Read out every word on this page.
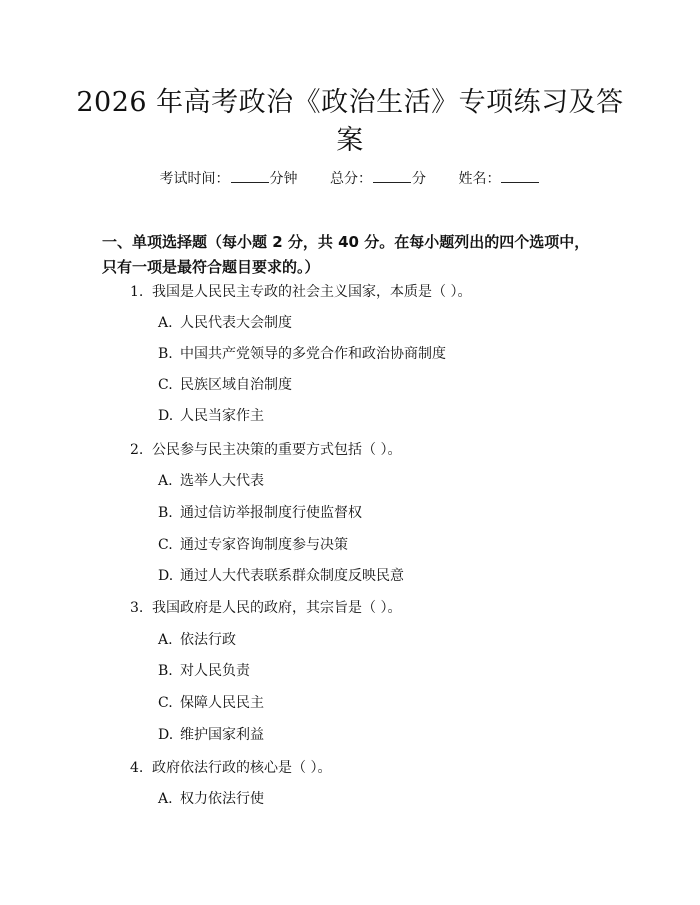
2026 年高考政治《政治生活》专项练习及答
案
考试时间：	分钟 总分：	分 姓名：
一、单项选择题（每小题 2 分，共 40 分。在每小题列出的四个选项中，只有一项是最符合题目要求的。）
1. 我国是人民民主专政的社会主义国家，本质是（ ）。
A. 人民代表大会制度
B. 中国共产党领导的多党合作和政治协商制度
C. 民族区域自治制度
D. 人民当家作主
2. 公民参与民主决策的重要方式包括（ ）。
A. 选举人大代表
B. 通过信访举报制度行使监督权
C. 通过专家咨询制度参与决策
D. 通过人大代表联系群众制度反映民意
3. 我国政府是人民的政府，其宗旨是（ ）。
A. 依法行政
B. 对人民负责
C. 保障人民民主
D. 维护国家利益
4. 政府依法行政的核心是（ ）。
A. 权力依法行使
